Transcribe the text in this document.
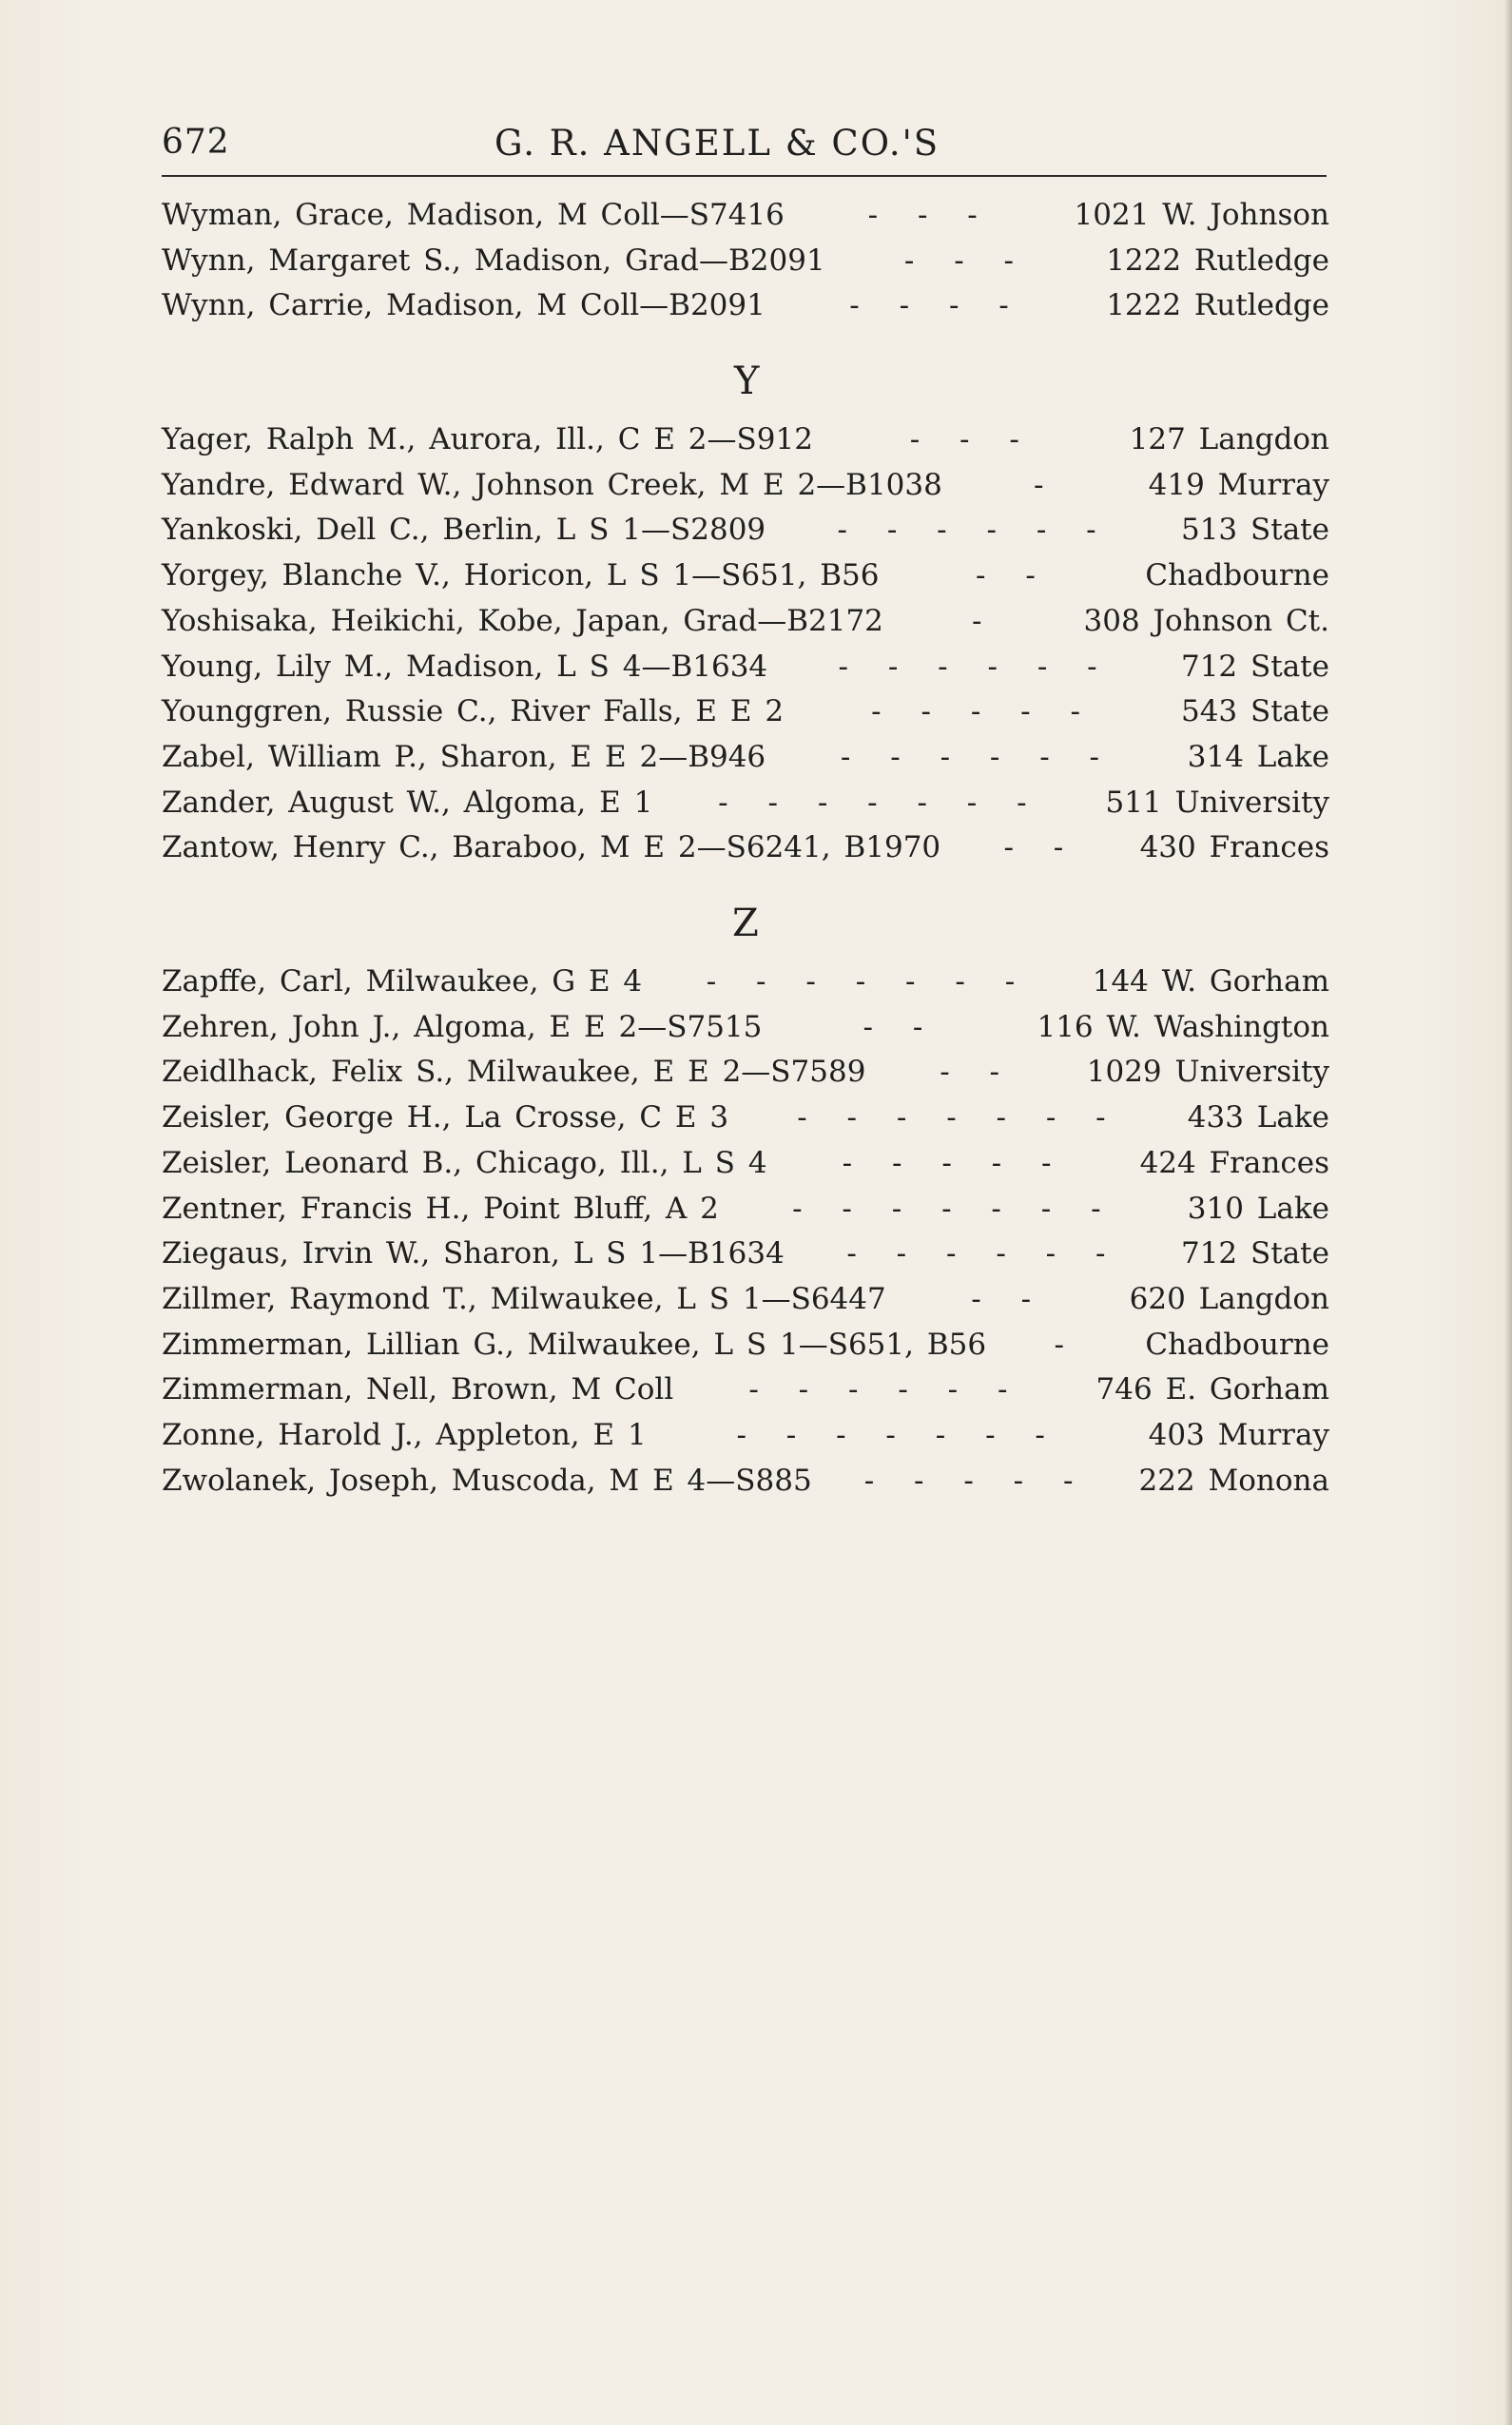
672	G. R. ANGELL & CO.'S
Wyman, Grace, Madison, M Coll—S7416	- - -	1021 W. Johnson
Wynn, Margaret S., Madison, Grad—B2091	- - -	1222 Rutledge
Wynn, Carrie, Madison, M Coll—B2091	- - - -	1222 Rutledge
Y
Yager, Ralph M., Aurora, Ill., C E 2—S912	- - -	127 Langdon
Yandre, Edward W., Johnson Creek, M E 2—B1038	-	419 Murray
Yankoski, Dell C., Berlin, L S 1—S2809 - - - - - - 513 State
Yorgey, Blanche V., Horicon, L S 1—S651, B56	- -	Chadbourne
Yoshisaka, Heikichi, Kobe, Japan, Grad—B2172	-	308 Johnson Ct.
Young, Lily M., Madison, L S 4—B1634 - - - - - - 712 State
Younggren, Russie C., River Falls, E E 2	- - - - -	543 State
Zabel, William P., Sharon, E E 2—B946	- - - - - -	314 Lake
Zander, August W., Algoma, E 1 - - - - - - - 511 University
Zantow, Henry C., Baraboo, M E 2—S6241, B1970 - - 430 Frances
Z
Zapffe, Carl, Milwaukee, G E 4 - - - - - - - 144 W. Gorham
Zehren, John J., Algoma, E E 2—S7515	- -	116 W. Washington
Zeidlhack, Felix S., Milwaukee, E E 2—S7589	- -	1029 University
Zeisler, George H., La Crosse, C E 3 - - - - - - - 433 Lake
Zeisler, Leonard B., Chicago, Ill., L S 4	- - - - -	424 Frances
Zentner, Francis H., Point Bluff, A 2 - - - - - - - 310 Lake
Ziegaus, Irvin W., Sharon, L S 1—B1634 - - - - - - 712 State
Zillmer, Raymond T., Milwaukee, L S 1—S6447	- -	620 Langdon
Zimmerman, Lillian G., Milwaukee, L S 1—S651, B56 - Chadbourne
Zimmerman, Nell, Brown, M Coll	- - - - - -	746 E. Gorham
Zonne, Harold J., Appleton, E 1	- - - - - - -	403 Murray
Zwolanek, Joseph, Muscoda, M E 4—S885 - - - - - 222 Monona
